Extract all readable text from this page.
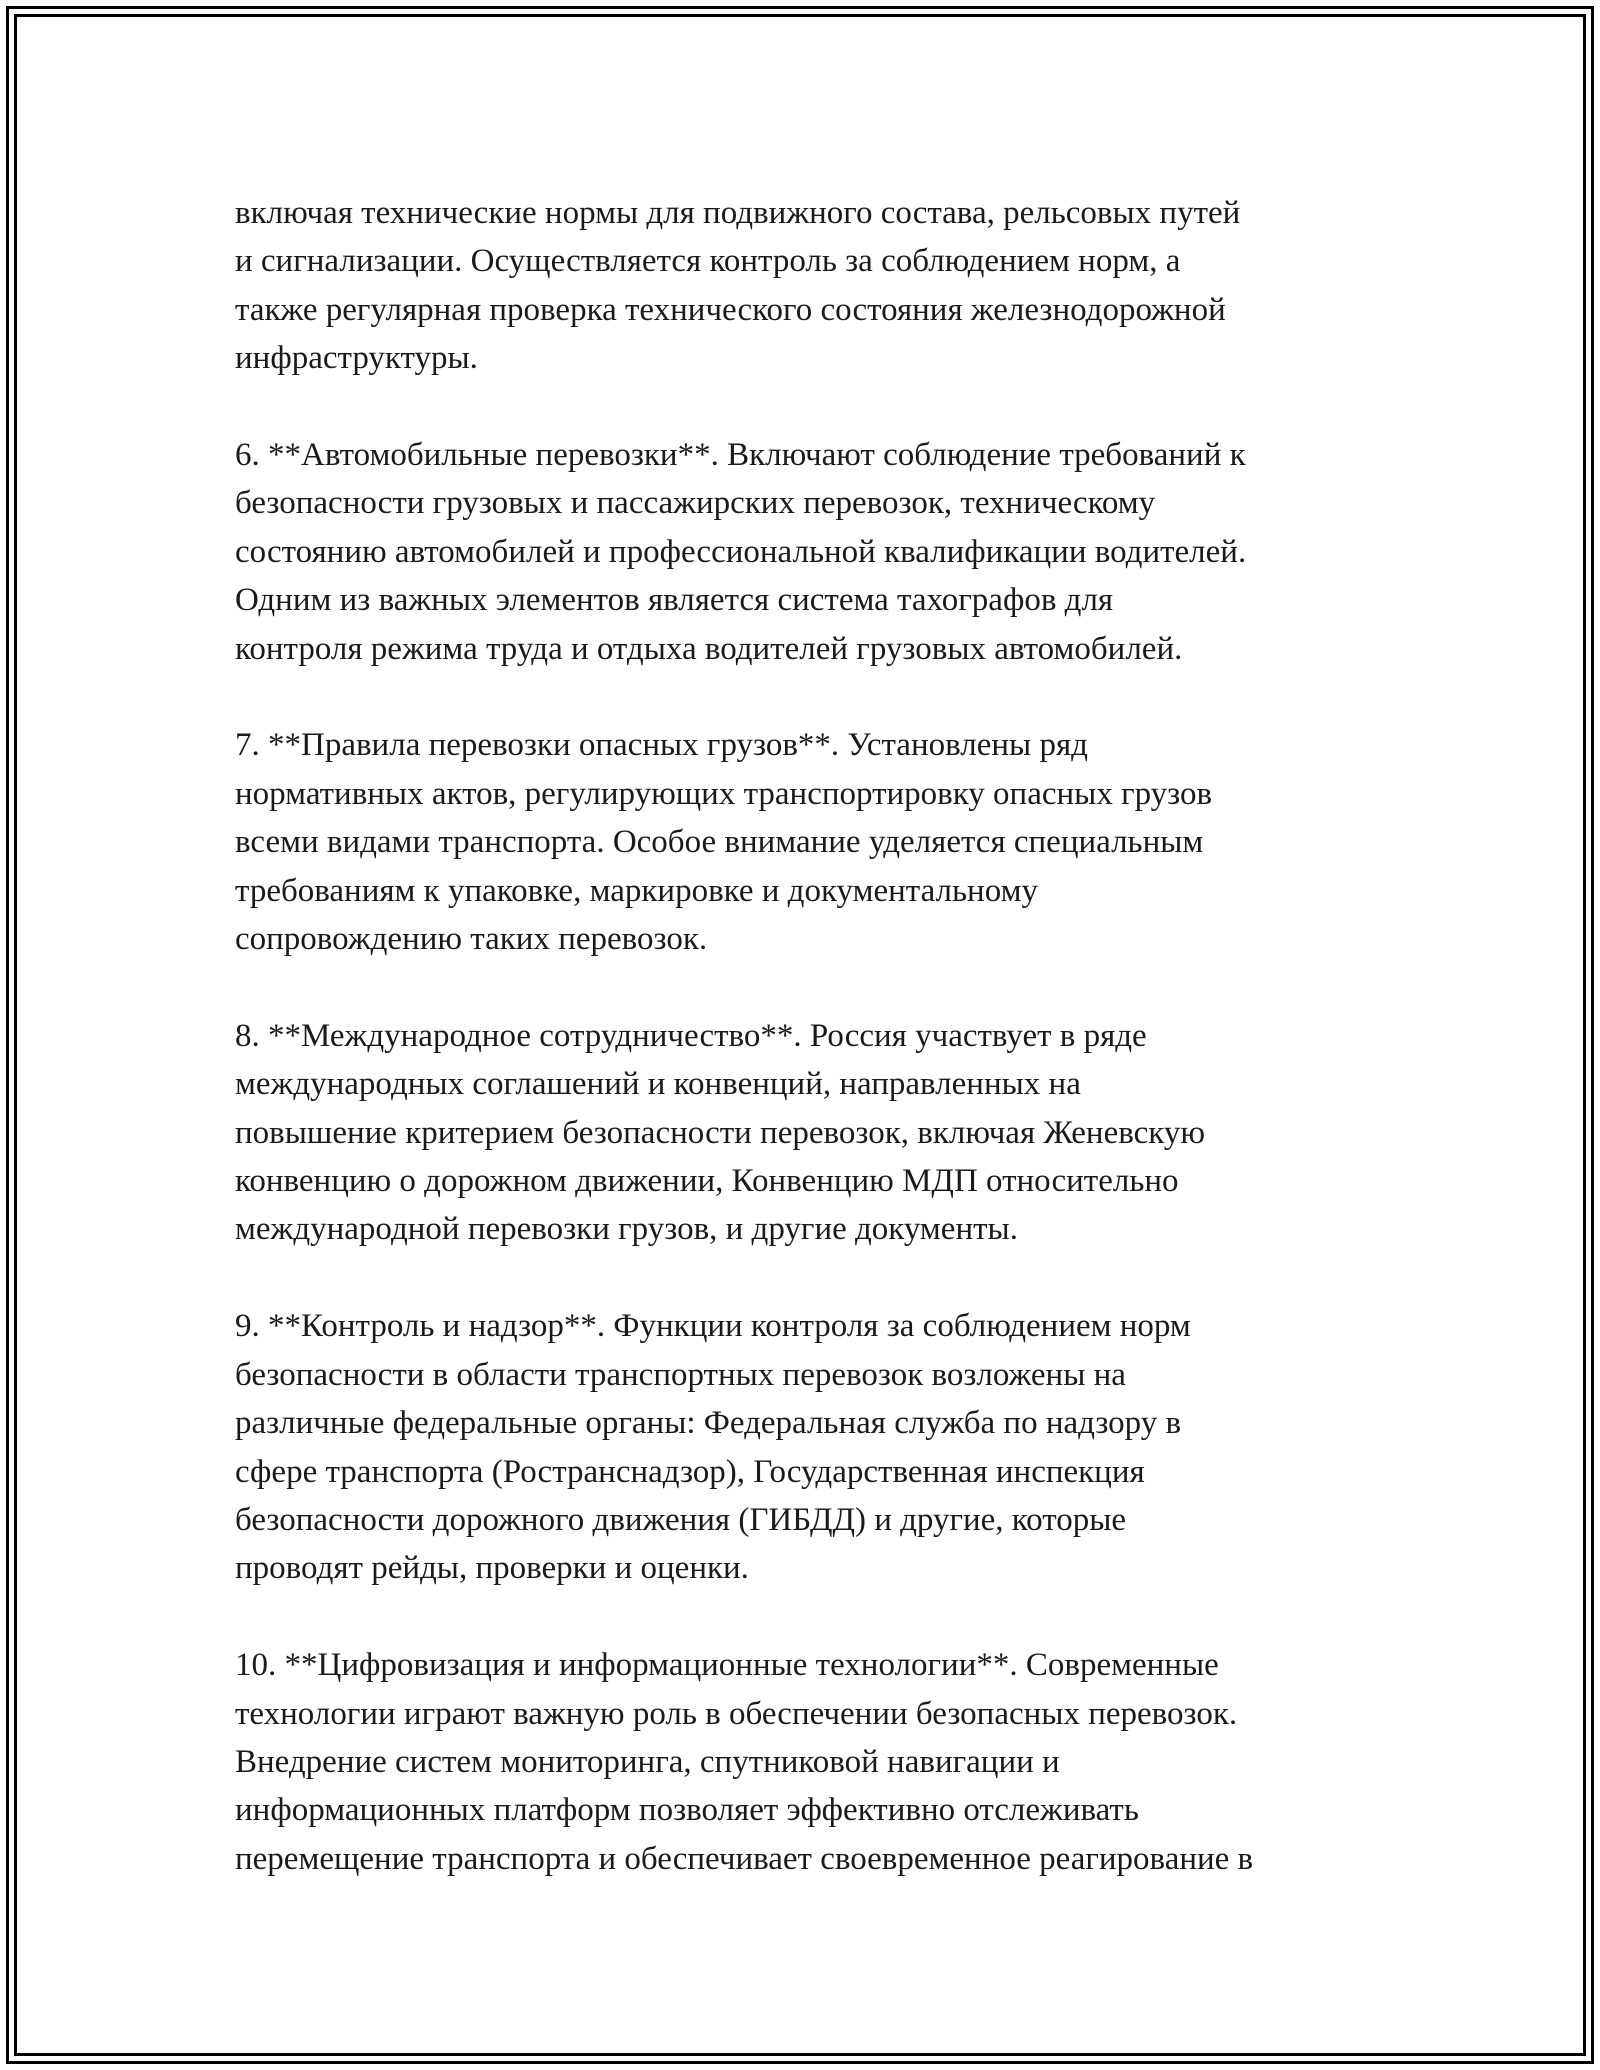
включая технические нормы для подвижного состава, рельсовых путей
и сигнализации. Осуществляется контроль за соблюдением норм, а
также регулярная проверка технического состояния железнодорожной
инфраструктуры.
6. **Автомобильные перевозки**. Включают соблюдение требований к
безопасности грузовых и пассажирских перевозок, техническому
состоянию автомобилей и профессиональной квалификации водителей.
Одним из важных элементов является система тахографов для
контроля режима труда и отдыха водителей грузовых автомобилей.
7. **Правила перевозки опасных грузов**. Установлены ряд
нормативных актов, регулирующих транспортировку опасных грузов
всеми видами транспорта. Особое внимание уделяется специальным
требованиям к упаковке, маркировке и документальному
сопровождению таких перевозок.
8. **Международное сотрудничество**. Россия участвует в ряде
международных соглашений и конвенций, направленных на
повышение критерием безопасности перевозок, включая Женевскую
конвенцию о дорожном движении, Конвенцию МДП относительно
международной перевозки грузов, и другие документы.
9. **Контроль и надзор**. Функции контроля за соблюдением норм
безопасности в области транспортных перевозок возложены на
различные федеральные органы: Федеральная служба по надзору в
сфере транспорта (Ространснадзор), Государственная инспекция
безопасности дорожного движения (ГИБДД) и другие, которые
проводят рейды, проверки и оценки.
10. **Цифровизация и информационные технологии**. Современные
технологии играют важную роль в обеспечении безопасных перевозок.
Внедрение систем мониторинга, спутниковой навигации и
информационных платформ позволяет эффективно отслеживать
перемещение транспорта и обеспечивает своевременное реагирование в
